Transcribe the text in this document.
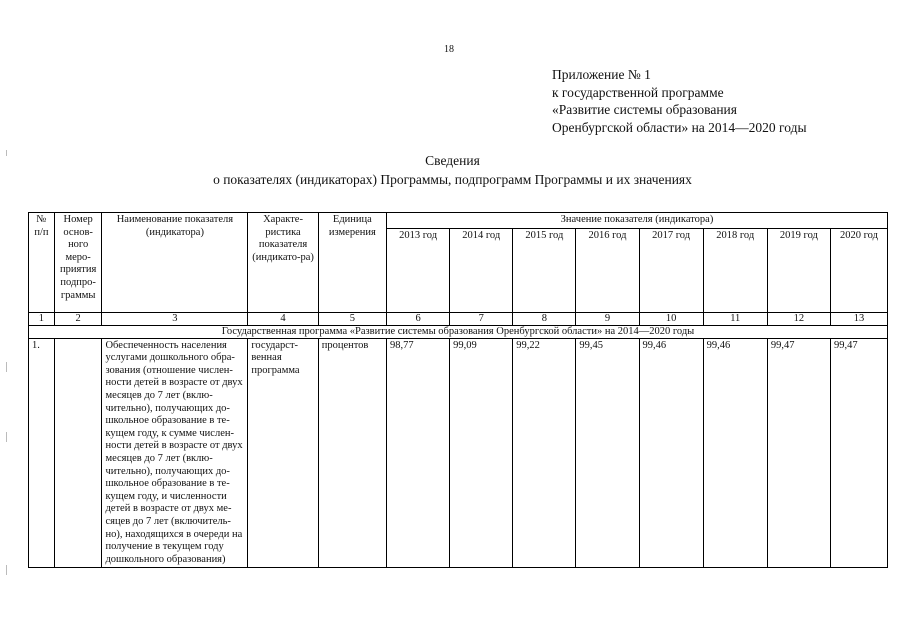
18
Приложение № 1
к государственной программе
«Развитие системы образования
Оренбургской области» на 2014—2020 годы
Сведения
о показателях (индикаторах) Программы, подпрограмм Программы и их значениях
№ п/п	Номер основ-ного меро-приятия подпро-граммы	Наименование показателя (индикатора)	Характе-ристика показателя (индикато-ра)	Единица измерения	Значение показателя (индикатора)							
					2013 год	2014 год	2015 год	2016 год	2017 год	2018 год	2019 год	2020 год
1	2	3	4	5	6	7	8	9	10	11	12	13
Государственная программа «Развитие системы образования Оренбургской области» на 2014—2020 годы												
1.		Обеспеченность населения услугами дошкольного обра-зования (отношение числен-ности детей в возрасте от двух месяцев до 7 лет (вклю-чительно), получающих до-школьное образование в те-кущем году, к сумме числен-ности детей в возрасте от двух месяцев до 7 лет (вклю-чительно), получающих до-школьное образование в те-кущем году, и численности детей в возрасте от двух ме-сяцев до 7 лет (включитель-но), находящихся в очереди на получение в текущем году дошкольного образования)	государст-венная программа	процентов	98,77	99,09	99,22	99,45	99,46	99,46	99,47	99,47
